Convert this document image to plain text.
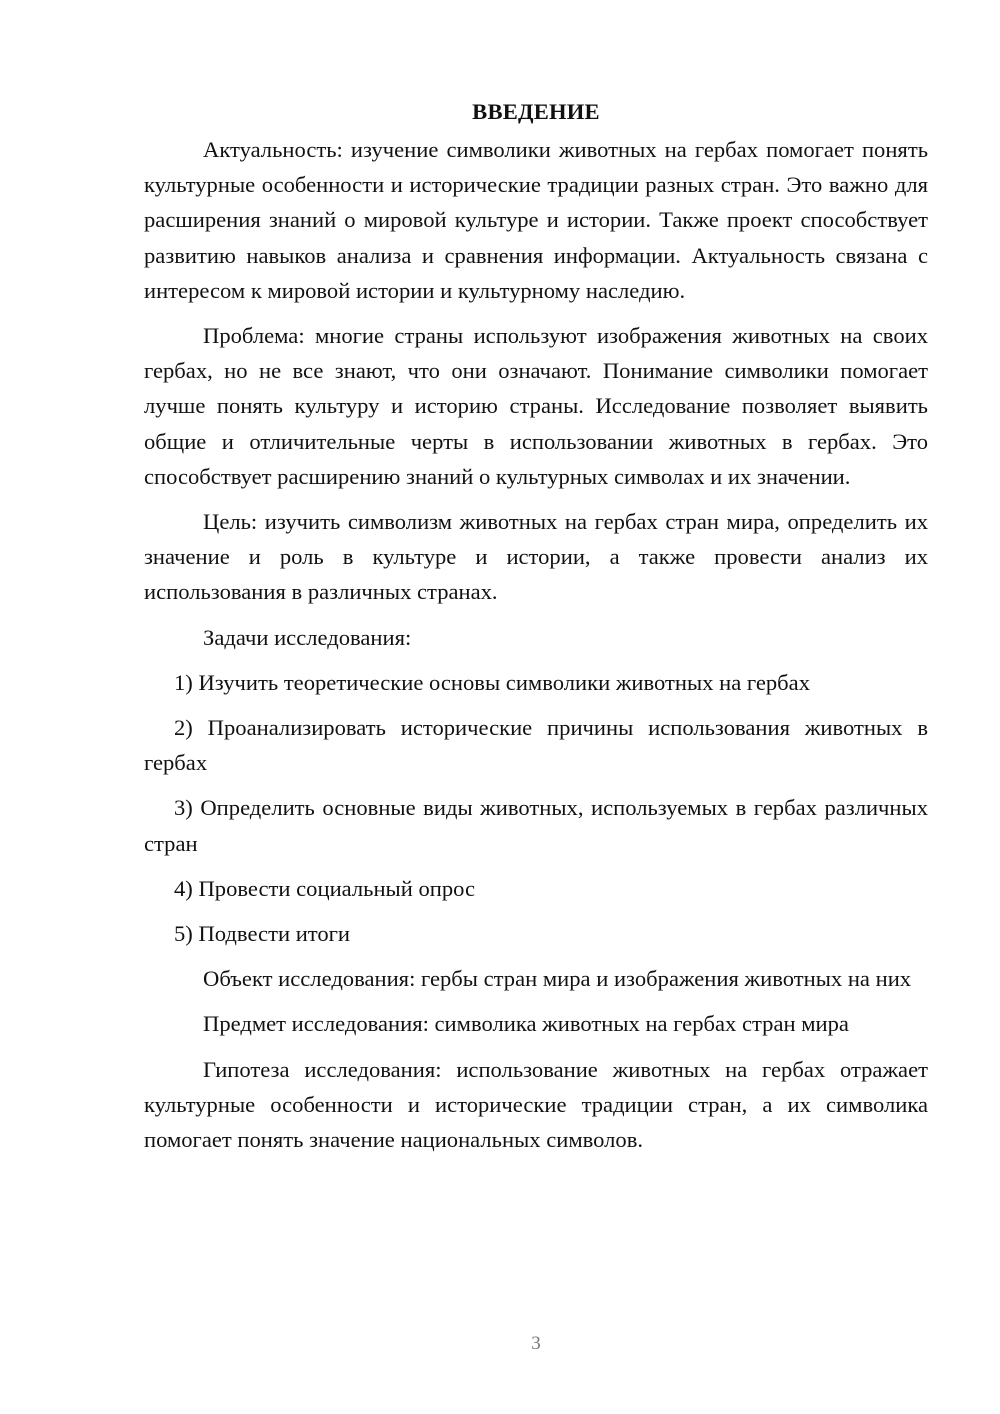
ВВЕДЕНИЕ

Актуальность: изучение символики животных на гербах помогает понять культурные особенности и исторические традиции разных стран. Это важно для расширения знаний о мировой культуре и истории. Также проект способствует развитию навыков анализа и сравнения информации. Актуальность связана с интересом к мировой истории и культурному наследию.

Проблема: многие страны используют изображения животных на своих гербах, но не все знают, что они означают. Понимание символики помогает лучше понять культуру и историю страны. Исследование позволяет выявить общие и отличительные черты в использовании животных в гербах. Это способствует расширению знаний о культурных символах и их значении.

Цель: изучить символизм животных на гербах стран мира, определить их значение и роль в культуре и истории, а также провести анализ их использования в различных странах.

Задачи исследования:

1) Изучить теоретические основы символики животных на гербах

2) Проанализировать исторические причины использования животных в гербах

3) Определить основные виды животных, используемых в гербах различных стран

4) Провести социальный опрос

5) Подвести итоги

Объект исследования: гербы стран мира и изображения животных на них

Предмет исследования: символика животных на гербах стран мира

Гипотеза исследования: использование животных на гербах отражает культурные особенности и исторические традиции стран, а их символика помогает понять значение национальных символов.

3
